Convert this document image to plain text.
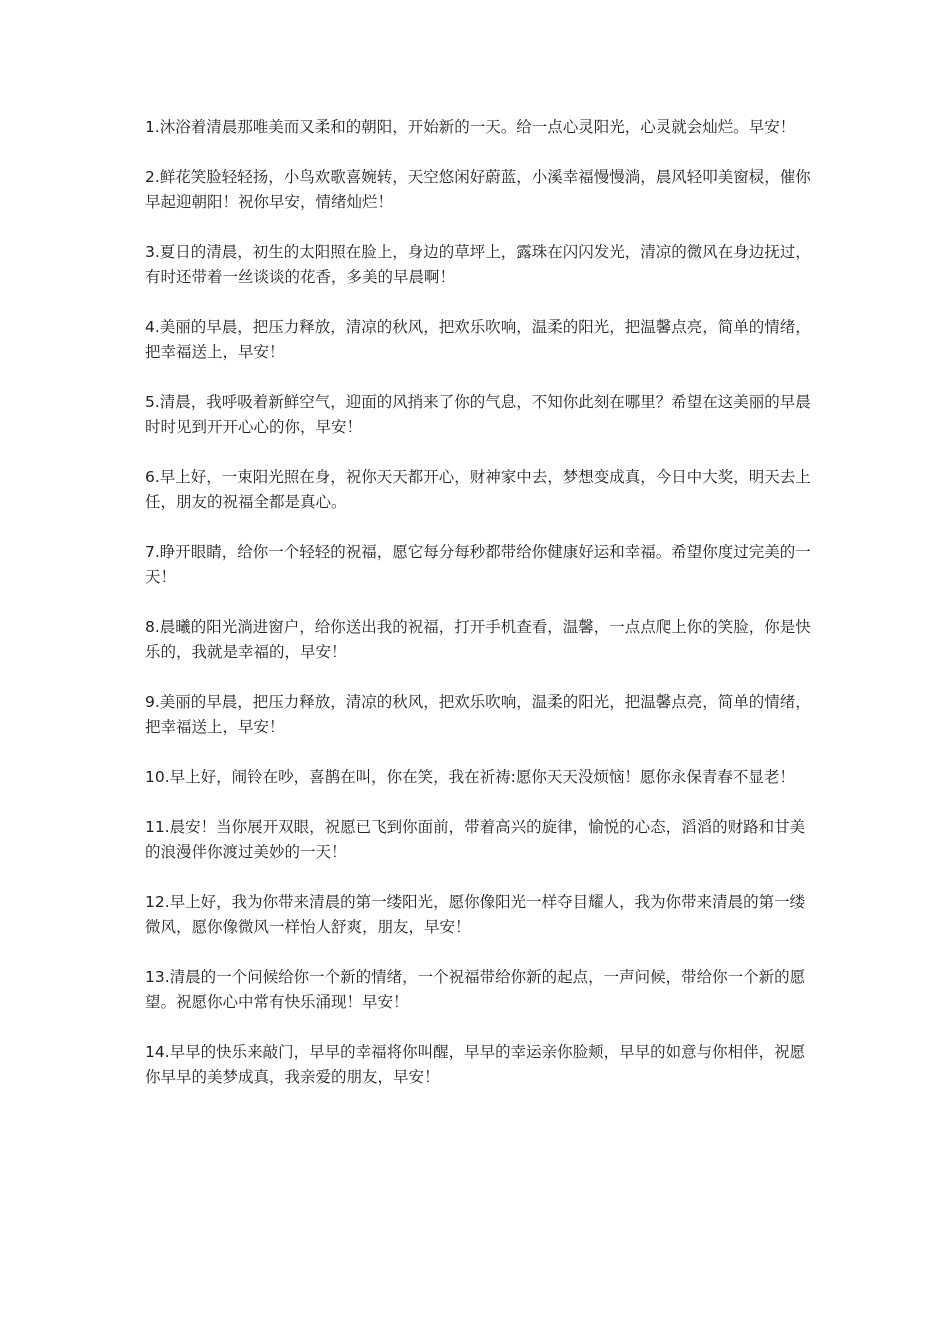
1.沐浴着清晨那唯美而又柔和的朝阳，开始新的一天。给一点心灵阳光，心灵就会灿烂。早安！

2.鲜花笑脸轻轻扬，小鸟欢歌喜婉转，天空悠闲好蔚蓝，小溪幸福慢慢淌，晨风轻叩美窗棂，催你早起迎朝阳！祝你早安，情绪灿烂！

3.夏日的清晨，初生的太阳照在脸上，身边的草坪上，露珠在闪闪发光，清凉的微风在身边抚过，有时还带着一丝谈谈的花香，多美的早晨啊！

4.美丽的早晨，把压力释放，清凉的秋风，把欢乐吹响，温柔的阳光，把温馨点亮，简单的情绪，把幸福送上，早安！

5.清晨，我呼吸着新鲜空气，迎面的风捎来了你的气息，不知你此刻在哪里？希望在这美丽的早晨时时见到开开心心的你，早安！

6.早上好，一束阳光照在身，祝你天天都开心，财神家中去，梦想变成真，今日中大奖，明天去上任，朋友的祝福全都是真心。

7.睁开眼睛，给你一个轻轻的祝福，愿它每分每秒都带给你健康好运和幸福。希望你度过完美的一天！

8.晨曦的阳光淌进窗户，给你送出我的祝福，打开手机查看，温馨，一点点爬上你的笑脸，你是快乐的，我就是幸福的，早安！

9.美丽的早晨，把压力释放，清凉的秋风，把欢乐吹响，温柔的阳光，把温馨点亮，简单的情绪，把幸福送上，早安！

10.早上好，闹铃在吵，喜鹊在叫，你在笑，我在祈祷:愿你天天没烦恼！愿你永保青春不显老！

11.晨安！当你展开双眼，祝愿已飞到你面前，带着高兴的旋律，愉悦的心态，滔滔的财路和甘美的浪漫伴你渡过美妙的一天！

12.早上好，我为你带来清晨的第一缕阳光，愿你像阳光一样夺目耀人，我为你带来清晨的第一缕微风，愿你像微风一样怡人舒爽，朋友，早安！

13.清晨的一个问候给你一个新的情绪，一个祝福带给你新的起点，一声问候，带给你一个新的愿望。祝愿你心中常有快乐涌现！早安！

14.早早的快乐来敲门，早早的幸福将你叫醒，早早的幸运亲你脸颊，早早的如意与你相伴，祝愿你早早的美梦成真，我亲爱的朋友，早安！
